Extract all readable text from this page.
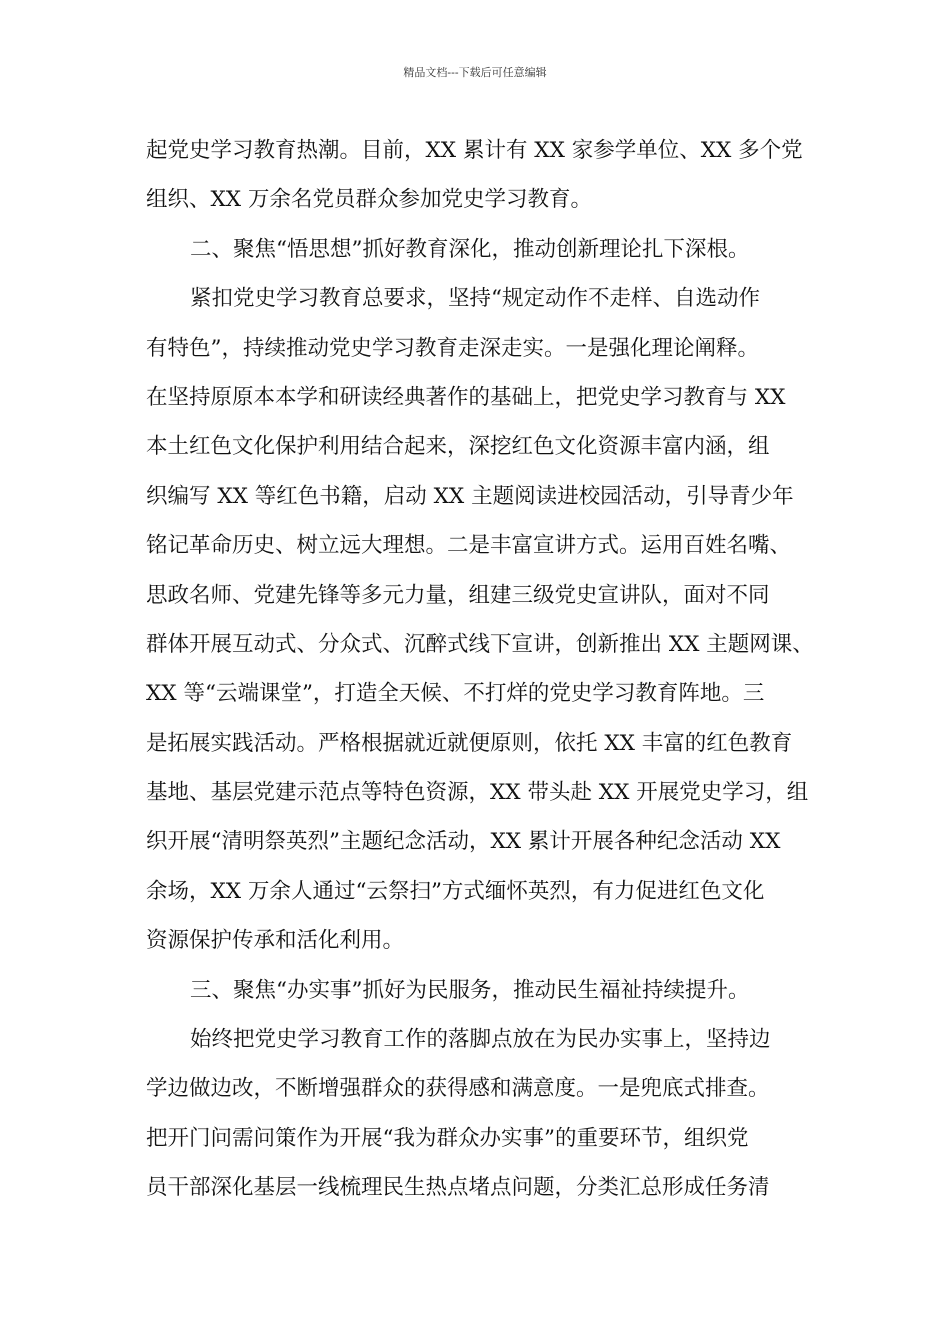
精品文档---下载后可任意编辑
起党史学习教育热潮。目前，XX 累计有 XX 家参学单位、XX 多个党
组织、XX 万余名党员群众参加党史学习教育。
二、聚焦“悟思想”抓好教育深化，推动创新理论扎下深根。
紧扣党史学习教育总要求，坚持“规定动作不走样、自选动作
有特色”，持续推动党史学习教育走深走实。一是强化理论阐释。
在坚持原原本本学和研读经典著作的基础上，把党史学习教育与 XX
本土红色文化保护利用结合起来，深挖红色文化资源丰富内涵，组
织编写 XX 等红色书籍，启动 XX 主题阅读进校园活动，引导青少年
铭记革命历史、树立远大理想。二是丰富宣讲方式。运用百姓名嘴、
思政名师、党建先锋等多元力量，组建三级党史宣讲队，面对不同
群体开展互动式、分众式、沉醉式线下宣讲，创新推出 XX 主题网课、
XX 等“云端课堂”，打造全天候、不打烊的党史学习教育阵地。三
是拓展实践活动。严格根据就近就便原则，依托 XX 丰富的红色教育
基地、基层党建示范点等特色资源，XX 带头赴 XX 开展党史学习，组
织开展“清明祭英烈”主题纪念活动，XX 累计开展各种纪念活动 XX
余场，XX 万余人通过“云祭扫”方式缅怀英烈，有力促进红色文化
资源保护传承和活化利用。
三、聚焦“办实事”抓好为民服务，推动民生福祉持续提升。
始终把党史学习教育工作的落脚点放在为民办实事上，坚持边
学边做边改，不断增强群众的获得感和满意度。一是兜底式排查。
把开门问需问策作为开展“我为群众办实事”的重要环节，组织党
员干部深化基层一线梳理民生热点堵点问题，分类汇总形成任务清
